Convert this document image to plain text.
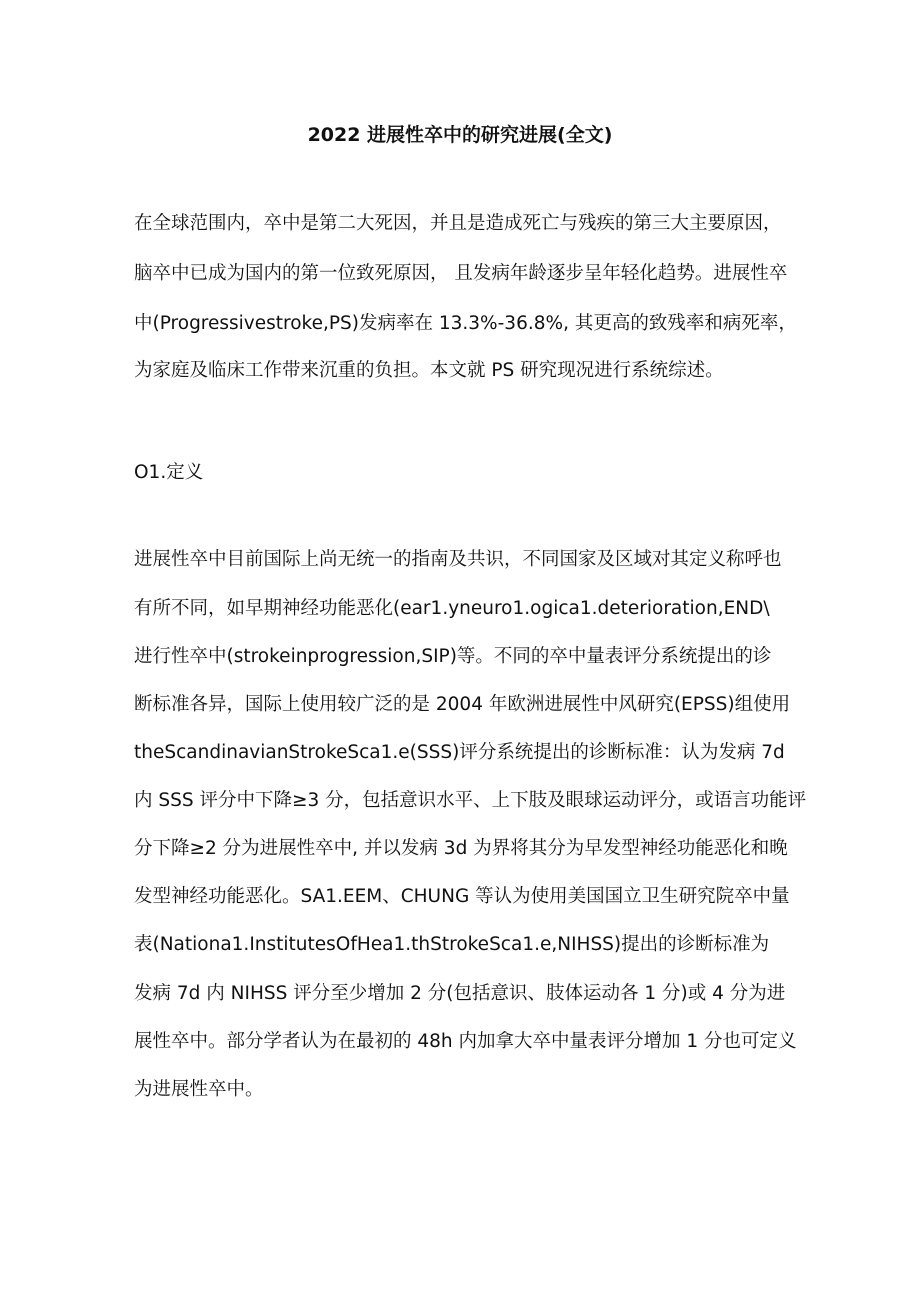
2022 进展性卒中的研究进展(全文)
在全球范围内，卒中是第二大死因，并且是造成死亡与残疾的第三大主要原因，
脑卒中已成为国内的第一位致死原因， 且发病年龄逐步呈年轻化趋势。进展性卒
中(Progressivestroke,PS)发病率在 13.3%-36.8%, 其更高的致残率和病死率，
为家庭及临床工作带来沉重的负担。本文就 PS 研究现况进行系统综述。
O1.定义
进展性卒中目前国际上尚无统一的指南及共识，不同国家及区域对其定义称呼也
有所不同，如早期神经功能恶化(ear1.yneuro1.ogica1.deterioration,END\
进行性卒中(strokeinprogression,SIP)等。不同的卒中量表评分系统提出的诊
断标准各异，国际上使用较广泛的是 2004 年欧洲进展性中风研究(EPSS)组使用
theScandinavianStrokeSca1.e(SSS)评分系统提出的诊断标准：认为发病 7d
内 SSS 评分中下降≥3 分，包括意识水平、上下肢及眼球运动评分，或语言功能评
分下降≥2 分为进展性卒中, 并以发病 3d 为界将其分为早发型神经功能恶化和晚
发型神经功能恶化。SA1.EEM、CHUNG 等认为使用美国国立卫生研究院卒中量
表(Nationa1.InstitutesOfHea1.thStrokeSca1.e,NIHSS)提出的诊断标准为
发病 7d 内 NIHSS 评分至少增加 2 分(包括意识、肢体运动各 1 分)或 4 分为进
展性卒中。部分学者认为在最初的 48h 内加拿大卒中量表评分增加 1 分也可定义
为进展性卒中。
